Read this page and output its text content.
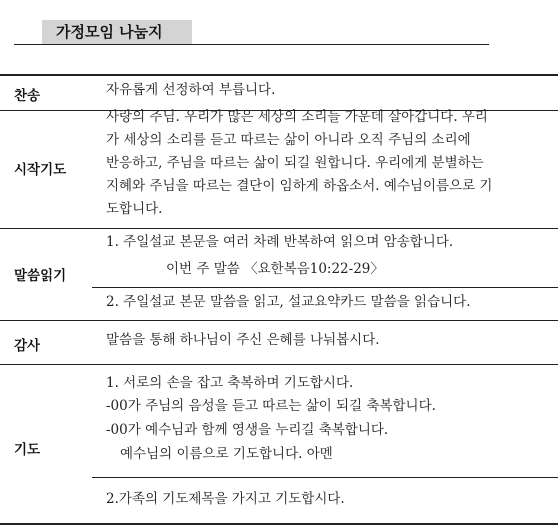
가정모임 나눔지
찬송	자유롭게 선정하여 부릅니다.
시작기도
사랑의 주님. 우리가 많은 세상의 소리들 가운데 살아갑니다. 우리
가 세상의 소리를 듣고 따르는 삶이 아니라 오직 주님의 소리에
반응하고, 주님을 따르는 삶이 되길 원합니다. 우리에게 분별하는
지혜와 주님을 따르는 결단이 임하게 하옵소서. 예수님이름으로 기
도합니다.
말씀읽기
1. 주일설교 본문을 여러 차례 반복하여 읽으며 암송합니다.
이번 주 말씀 〈요한복음10:22-29〉
2. 주일설교 본문 말씀을 읽고, 설교요약카드 말씀을 읽습니다.
감사	말씀을 통해 하나님이 주신 은혜를 나눠봅시다.
기도
1. 서로의 손을 잡고 축복하며 기도합시다.
-00가 주님의 음성을 듣고 따르는 삶이 되길 축복합니다.
-00가 예수님과 함께 영생을 누리길 축복합니다.
예수님의 이름으로 기도합니다. 아멘
2.가족의 기도제목을 가지고 기도합시다.
